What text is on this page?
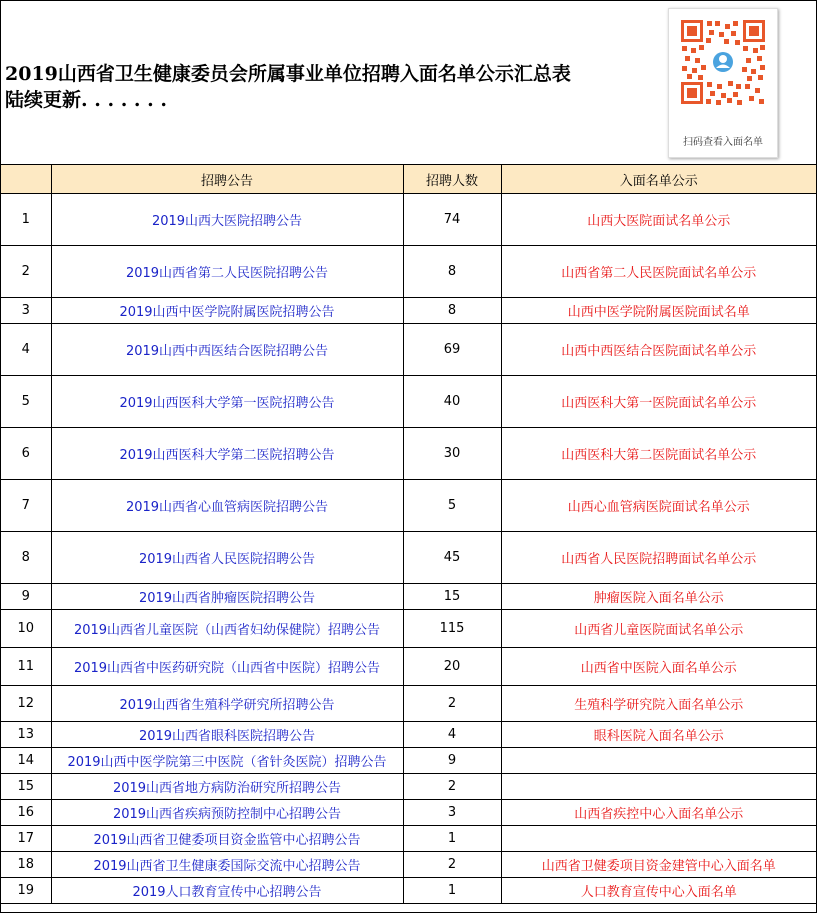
2019山西省卫生健康委员会所属事业单位招聘入面名单公示汇总表
陆续更新. . . . . . .
扫码查看入面名单
	招聘公告	招聘人数	入面名单公示
1	2019山西大医院招聘公告	74	山西大医院面试名单公示
2	2019山西省第二人民医院招聘公告	8	山西省第二人民医院面试名单公示
3	2019山西中医学院附属医院招聘公告	8	山西中医学院附属医院面试名单
4	2019山西中西医结合医院招聘公告	69	山西中西医结合医院面试名单公示
5	2019山西医科大学第一医院招聘公告	40	山西医科大第一医院面试名单公示
6	2019山西医科大学第二医院招聘公告	30	山西医科大第二医院面试名单公示
7	2019山西省心血管病医院招聘公告	5	山西心血管病医院面试名单公示
8	2019山西省人民医院招聘公告	45	山西省人民医院招聘面试名单公示
9	2019山西省肿瘤医院招聘公告	15	肿瘤医院入面名单公示
10	2019山西省儿童医院（山西省妇幼保健院）招聘公告	115	山西省儿童医院面试名单公示
11	2019山西省中医药研究院（山西省中医院）招聘公告	20	山西省中医院入面名单公示
12	2019山西省生殖科学研究所招聘公告	2	生殖科学研究院入面名单公示
13	2019山西省眼科医院招聘公告	4	眼科医院入面名单公示
14	2019山西中医学院第三中医院（省针灸医院）招聘公告	9	
15	2019山西省地方病防治研究所招聘公告	2	
16	2019山西省疾病预防控制中心招聘公告	3	山西省疾控中心入面名单公示
17	2019山西省卫健委项目资金监管中心招聘公告	1	
18	2019山西省卫生健康委国际交流中心招聘公告	2	山西省卫健委项目资金建管中心入面名单
19	2019人口教育宣传中心招聘公告	1	人口教育宣传中心入面名单
